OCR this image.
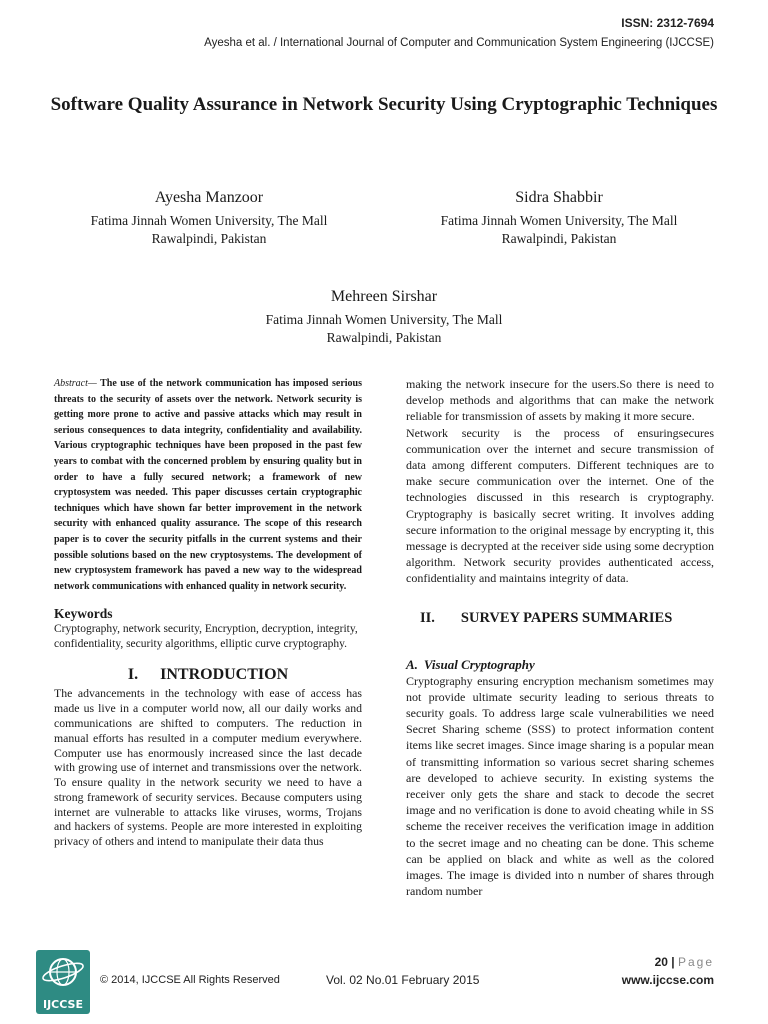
ISSN: 2312-7694
Ayesha et al. / International Journal of Computer and Communication System Engineering (IJCCSE)
Software Quality Assurance in Network Security Using Cryptographic Techniques
Ayesha Manzoor
Fatima Jinnah Women University, The Mall
Rawalpindi, Pakistan
Sidra Shabbir
Fatima Jinnah Women University, The Mall
Rawalpindi, Pakistan
Mehreen Sirshar
Fatima Jinnah Women University, The Mall
Rawalpindi, Pakistan

Abstract— The use of the network communication has imposed serious threats to the security of assets over the network. Network security is getting more prone to active and passive attacks which may result in serious consequences to data integrity, confidentiality and availability. Various cryptographic techniques have been proposed in the past few years to combat with the concerned problem by ensuring quality but in order to have a fully secured network; a framework of new cryptosystem was needed. This paper discusses certain cryptographic techniques which have shown far better improvement in the network security with enhanced quality assurance. The scope of this research paper is to cover the security pitfalls in the current systems and their possible solutions based on the new cryptosystems. The development of new cryptosystem framework has paved a new way to the widespread network communications with enhanced quality in network security.

Keywords

Cryptography, network security, Encryption, decryption, integrity, confidentiality, security algorithms, elliptic curve cryptography.

I. INTRODUCTION

The advancements in the technology with ease of access has made us live in a computer world now, all our daily works and communications are shifted to computers. The reduction in manual efforts has resulted in a computer medium everywhere. Computer use has enormously increased since the last decade with growing use of internet and transmissions over the network. To ensure quality in the network security we need to have a strong framework of security services. Because computers using internet are vulnerable to attacks like viruses, worms, Trojans and hackers of systems. People are more interested in exploiting privacy of others and intend to manipulate their data thus

making the network insecure for the users.So there is need to develop methods and algorithms that can make the network reliable for transmission of assets by making it more secure.

Network security is the process of ensuringsecures communication over the internet and secure transmission of data among different computers. Different techniques are to make secure communication over the internet. One of the technologies discussed in this research is cryptography. Cryptography is basically secret writing. It involves adding secure information to the original message by encrypting it, this message is decrypted at the receiver side using some decryption algorithm. Network security provides authenticated access, confidentiality and maintains integrity of data.

II. SURVEY PAPERS SUMMARIES
A. Visual Cryptography

Cryptography ensuring encryption mechanism sometimes may not provide ultimate security leading to serious threats to security goals. To address large scale vulnerabilities we need Secret Sharing scheme (SSS) to protect information content items like secret images. Since image sharing is a popular mean of transmitting information so various secret sharing schemes are developed to achieve security. In existing systems the receiver only gets the share and stack to decode the secret image and no verification is done to avoid cheating while in SS scheme the receiver receives the verification image in addition to the secret image and no cheating can be done. This scheme can be applied on black and white as well as the colored images. The image is divided into n number of shares through random number

IJCCSE
© 2014, IJCCSE All Rights Reserved	Vol. 02 No.01 February 2015
20 | Page
www.ijccse.com
